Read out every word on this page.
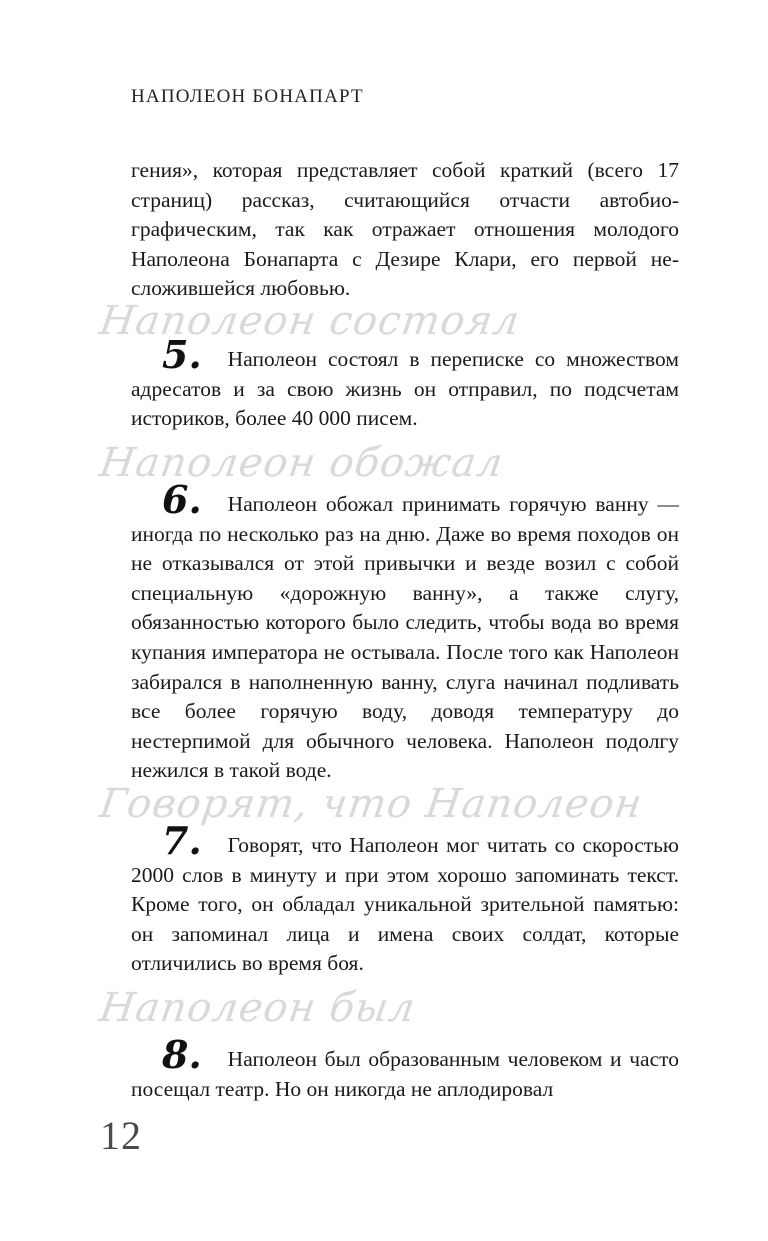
НАПОЛЕОН БОНАПАРТ

гения», которая представляет собой краткий (всего 17 страниц) рассказ, считающийся отчасти автобиографическим, так как отражает отношения молодого Наполеона Бонапарта с Дезире Клари, его первой несложившейся любовью.

Наполеон состоял

5. Наполеон состоял в переписке со множеством адресатов и за свою жизнь он отправил, по подсчетам историков, более 40 000 писем.

Наполеон обожал

6. Наполеон обожал принимать горячую ванну — иногда по несколько раз на дню. Даже во время походов он не отказывался от этой привычки и везде возил с собой специальную «дорожную ванну», а также слугу, обязанностью которого было следить, чтобы вода во время купания императора не остывала. После того как Наполеон забирался в наполненную ванну, слуга начинал подливать все более горячую воду, доводя температуру до нестерпимой для обычного человека. Наполеон подолгу нежился в такой воде.

Говорят, что Наполеон

7. Говорят, что Наполеон мог читать со скоростью 2000 слов в минуту и при этом хорошо запоминать текст. Кроме того, он обладал уникальной зрительной памятью: он запоминал лица и имена своих солдат, которые отличились во время боя.

Наполеон был

8. Наполеон был образованным человеком и часто посещал театр. Но он никогда не аплодировал

12
